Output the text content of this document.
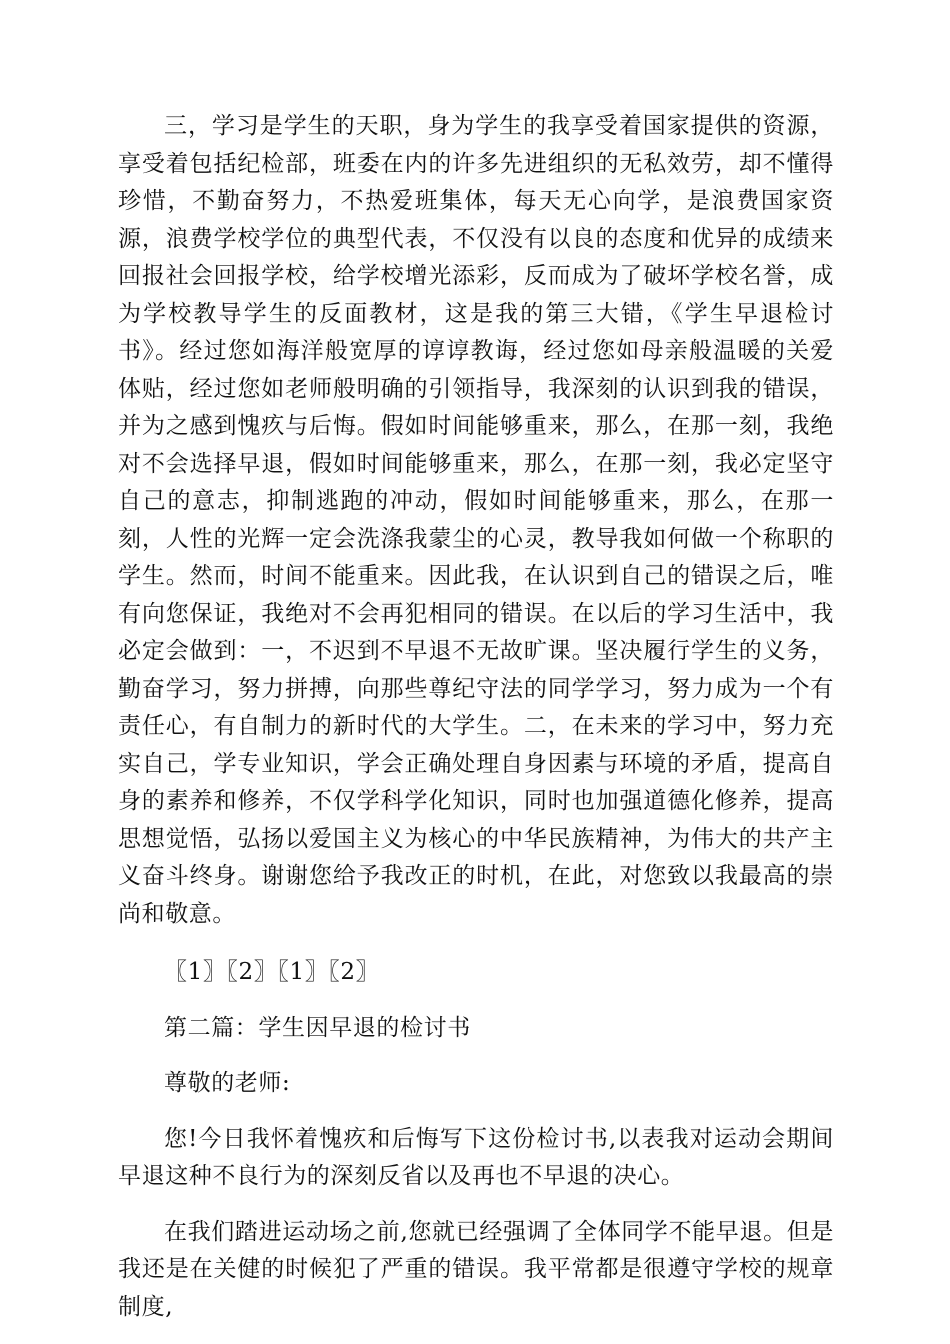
三，学习是学生的天职，身为学生的我享受着国家提供的资源，享受着包括纪检部，班委在内的许多先进组织的无私效劳，却不懂得珍惜，不勤奋努力，不热爱班集体，每天无心向学，是浪费国家资源，浪费学校学位的典型代表，不仅没有以良的态度和优异的成绩来回报社会回报学校，给学校增光添彩，反而成为了破坏学校名誉，成为学校教导学生的反面教材，这是我的第三大错，《学生早退检讨书》。经过您如海洋般宽厚的谆谆教诲，经过您如母亲般温暖的关爱体贴，经过您如老师般明确的引领指导，我深刻的认识到我的错误，并为之感到愧疚与后悔。假如时间能够重来，那么，在那一刻，我绝对不会选择早退，假如时间能够重来，那么，在那一刻，我必定坚守自己的意志，抑制逃跑的冲动，假如时间能够重来，那么，在那一刻，人性的光辉一定会洗涤我蒙尘的心灵，教导我如何做一个称职的学生。然而，时间不能重来。因此我，在认识到自己的错误之后，唯有向您保证，我绝对不会再犯相同的错误。在以后的学习生活中，我必定会做到：一，不迟到不早退不无故旷课。坚决履行学生的义务，勤奋学习，努力拼搏，向那些尊纪守法的同学学习，努力成为一个有责任心，有自制力的新时代的大学生。二，在未来的学习中，努力充实自己，学专业知识，学会正确处理自身因素与环境的矛盾，提高自身的素养和修养，不仅学科学化知识，同时也加强道德化修养，提高思想觉悟，弘扬以爱国主义为核心的中华民族精神，为伟大的共产主义奋斗终身。谢谢您给予我改正的时机，在此，对您致以我最高的崇尚和敬意。

〖1〗〖2〗〖1〗〖2〗

第二篇：学生因早退的检讨书

尊敬的老师:

您!今日我怀着愧疚和后悔写下这份检讨书,以表我对运动会期间早退这种不良行为的深刻反省以及再也不早退的决心。

在我们踏进运动场之前,您就已经强调了全体同学不能早退。但是我还是在关健的时候犯了严重的错误。我平常都是很遵守学校的规章制度,
